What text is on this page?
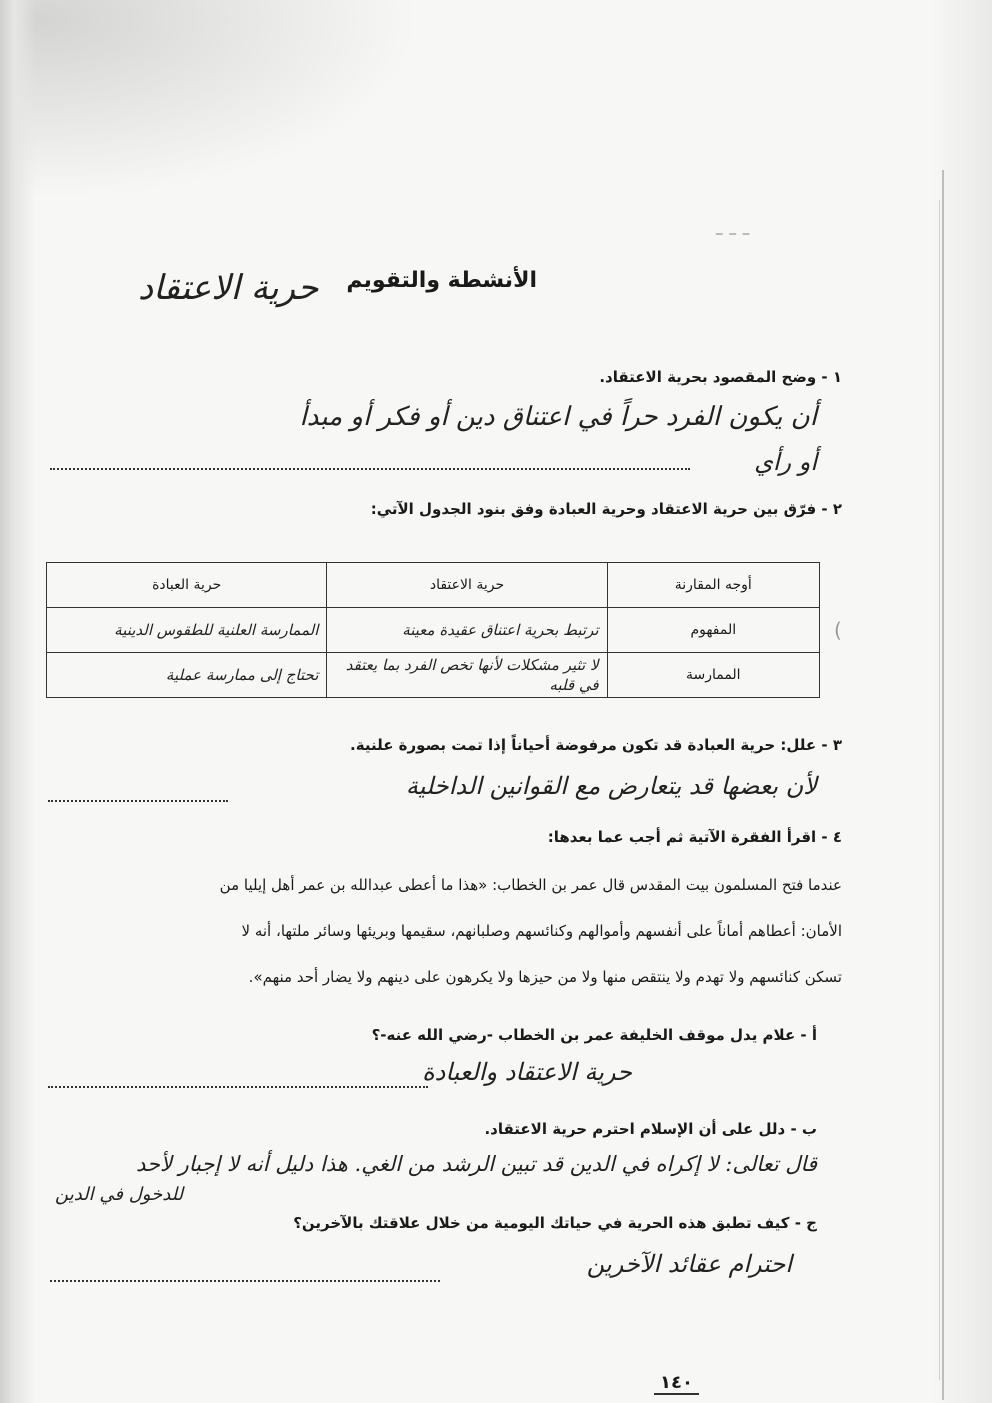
ـ ـ ـ
الأنشطة والتقويم
حرية الاعتقاد
١ - وضح المقصود بحرية الاعتقاد.
أن يكون الفرد حراً في اعتناق دين أو فكر أو مبدأ
أو رأي
٢ - فرّق بين حرية الاعتقاد وحرية العبادة وفق بنود الجدول الآتي:
أوجه المقارنة	حرية الاعتقاد	حرية العبادة
المفهوم	ترتبط بحرية اعتناق عقيدة معينة	الممارسة العلنية للطقوس الدينية

الممارسة	لا تثير مشكلات لأنها تخص الفرد بما يعتقد في قلبه	تحتاج إلى ممارسة عملية
(
٣ - علل: حرية العبادة قد تكون مرفوضة أحياناً إذا تمت بصورة علنية.
لأن بعضها قد يتعارض مع القوانين الداخلية
٤ - اقرأ الفقرة الآتية ثم أجب عما بعدها:
عندما فتح المسلمون بيت المقدس قال عمر بن الخطاب: «هذا ما أعطى عبدالله بن عمر أهل إيليا من
الأمان: أعطاهم أماناً على أنفسهم وأموالهم وكنائسهم وصلبانهم، سقيمها وبريئها وسائر ملتها، أنه لا
تسكن كنائسهم ولا تهدم ولا ينتقص منها ولا من حيزها ولا يكرهون على دينهم ولا يضار أحد منهم».
أ - علام يدل موقف الخليفة عمر بن الخطاب -رضي الله عنه-؟
حرية الاعتقاد والعبادة
ب - دلل على أن الإسلام احترم حرية الاعتقاد.
قال تعالى: لا إكراه في الدين قد تبين الرشد من الغي. هذا دليل أنه لا إجبار لأحد
للدخول في الدين
ج - كيف تطبق هذه الحرية في حياتك اليومية من خلال علاقتك بالآخرين؟
احترام عقائد الآخرين
١٤٠
